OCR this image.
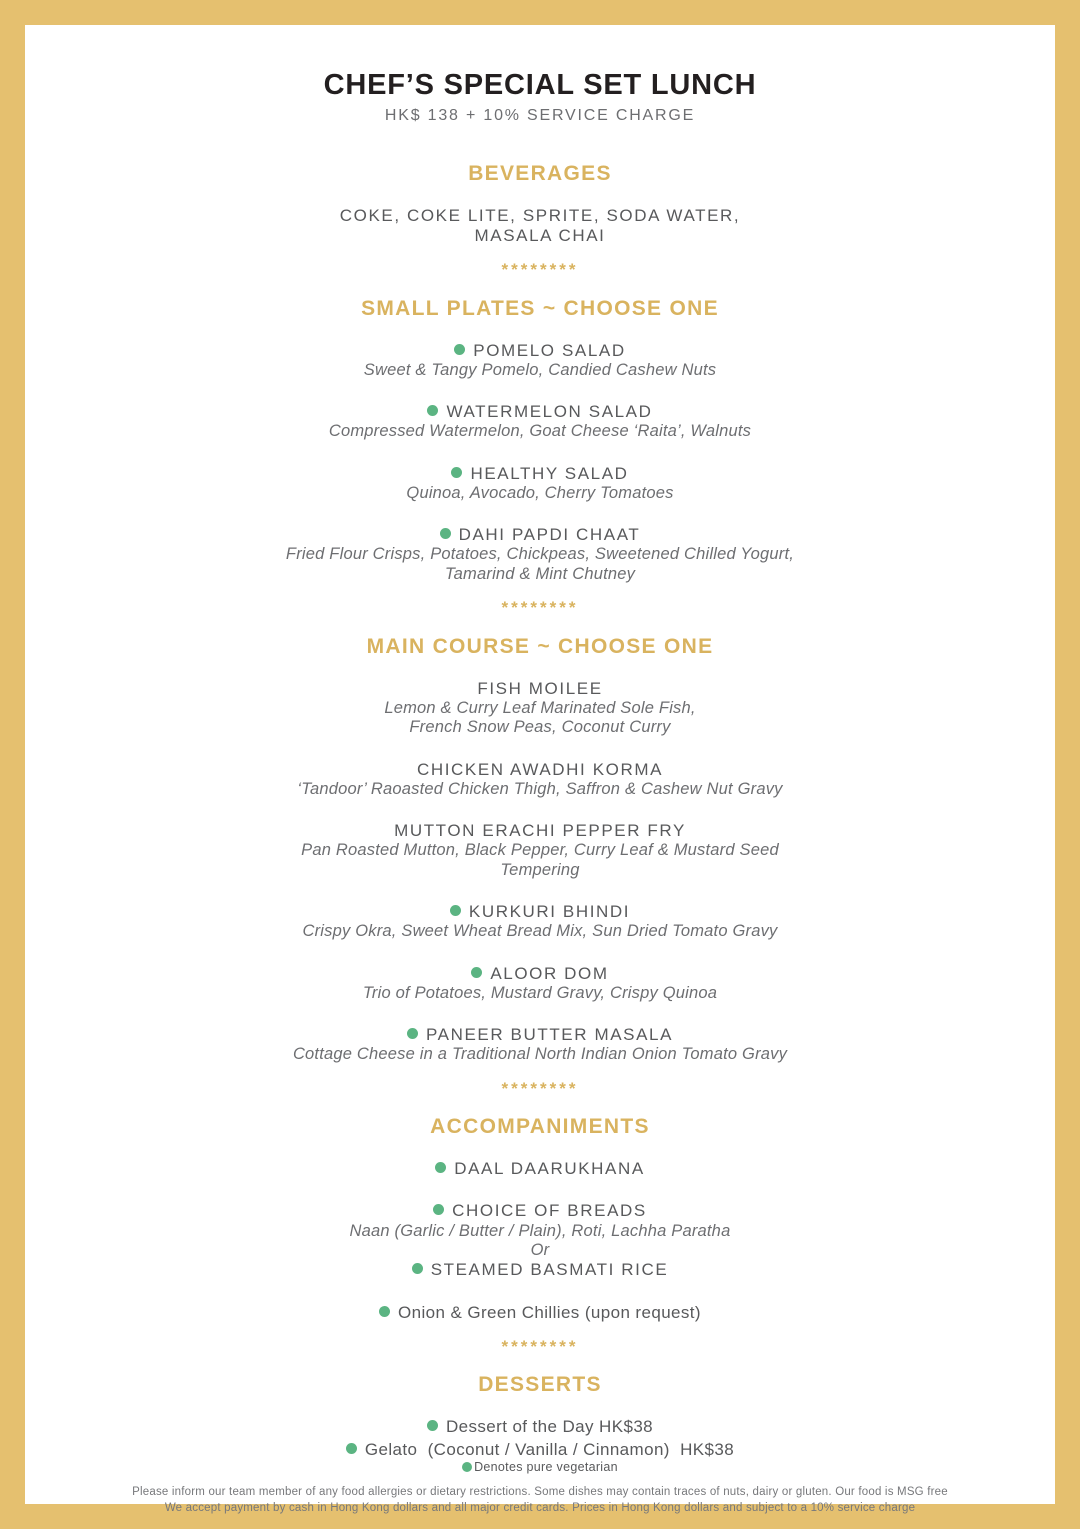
CHEF’S SPECIAL SET LUNCH
HK$ 138 + 10% SERVICE CHARGE
BEVERAGES
COKE, COKE LITE, SPRITE, SODA WATER,
MASALA CHAI
********
SMALL PLATES ~ CHOOSE ONE
POMELO SALAD
Sweet & Tangy Pomelo, Candied Cashew Nuts
WATERMELON SALAD
Compressed Watermelon, Goat Cheese ‘Raita’, Walnuts
HEALTHY SALAD
Quinoa, Avocado, Cherry Tomatoes
DAHI PAPDI CHAAT
Fried Flour Crisps, Potatoes, Chickpeas, Sweetened Chilled Yogurt,
Tamarind & Mint Chutney
********
MAIN COURSE ~ CHOOSE ONE
FISH MOILEE
Lemon & Curry Leaf Marinated Sole Fish,
French Snow Peas, Coconut Curry
CHICKEN AWADHI KORMA
‘Tandoor’ Raoasted Chicken Thigh, Saffron & Cashew Nut Gravy
MUTTON ERACHI PEPPER FRY
Pan Roasted Mutton, Black Pepper, Curry Leaf & Mustard Seed
Tempering
KURKURI BHINDI
Crispy Okra, Sweet Wheat Bread Mix, Sun Dried Tomato Gravy
ALOOR DOM
Trio of Potatoes, Mustard Gravy, Crispy Quinoa
PANEER BUTTER MASALA
Cottage Cheese in a Traditional North Indian Onion Tomato Gravy
********
ACCOMPANIMENTS
DAAL DAARUKHANA
CHOICE OF BREADS
Naan (Garlic / Butter / Plain), Roti, Lachha Paratha
Or
STEAMED BASMATI RICE
Onion & Green Chillies (upon request)
********
DESSERTS
Dessert of the Day HK$38
Gelato  (Coconut / Vanilla / Cinnamon)  HK$38
Denotes pure vegetarian
Please inform our team member of any food allergies or dietary restrictions. Some dishes may contain traces of nuts, dairy or gluten. Our food is MSG free
We accept payment by cash in Hong Kong dollars and all major credit cards. Prices in Hong Kong dollars and subject to a 10% service charge
